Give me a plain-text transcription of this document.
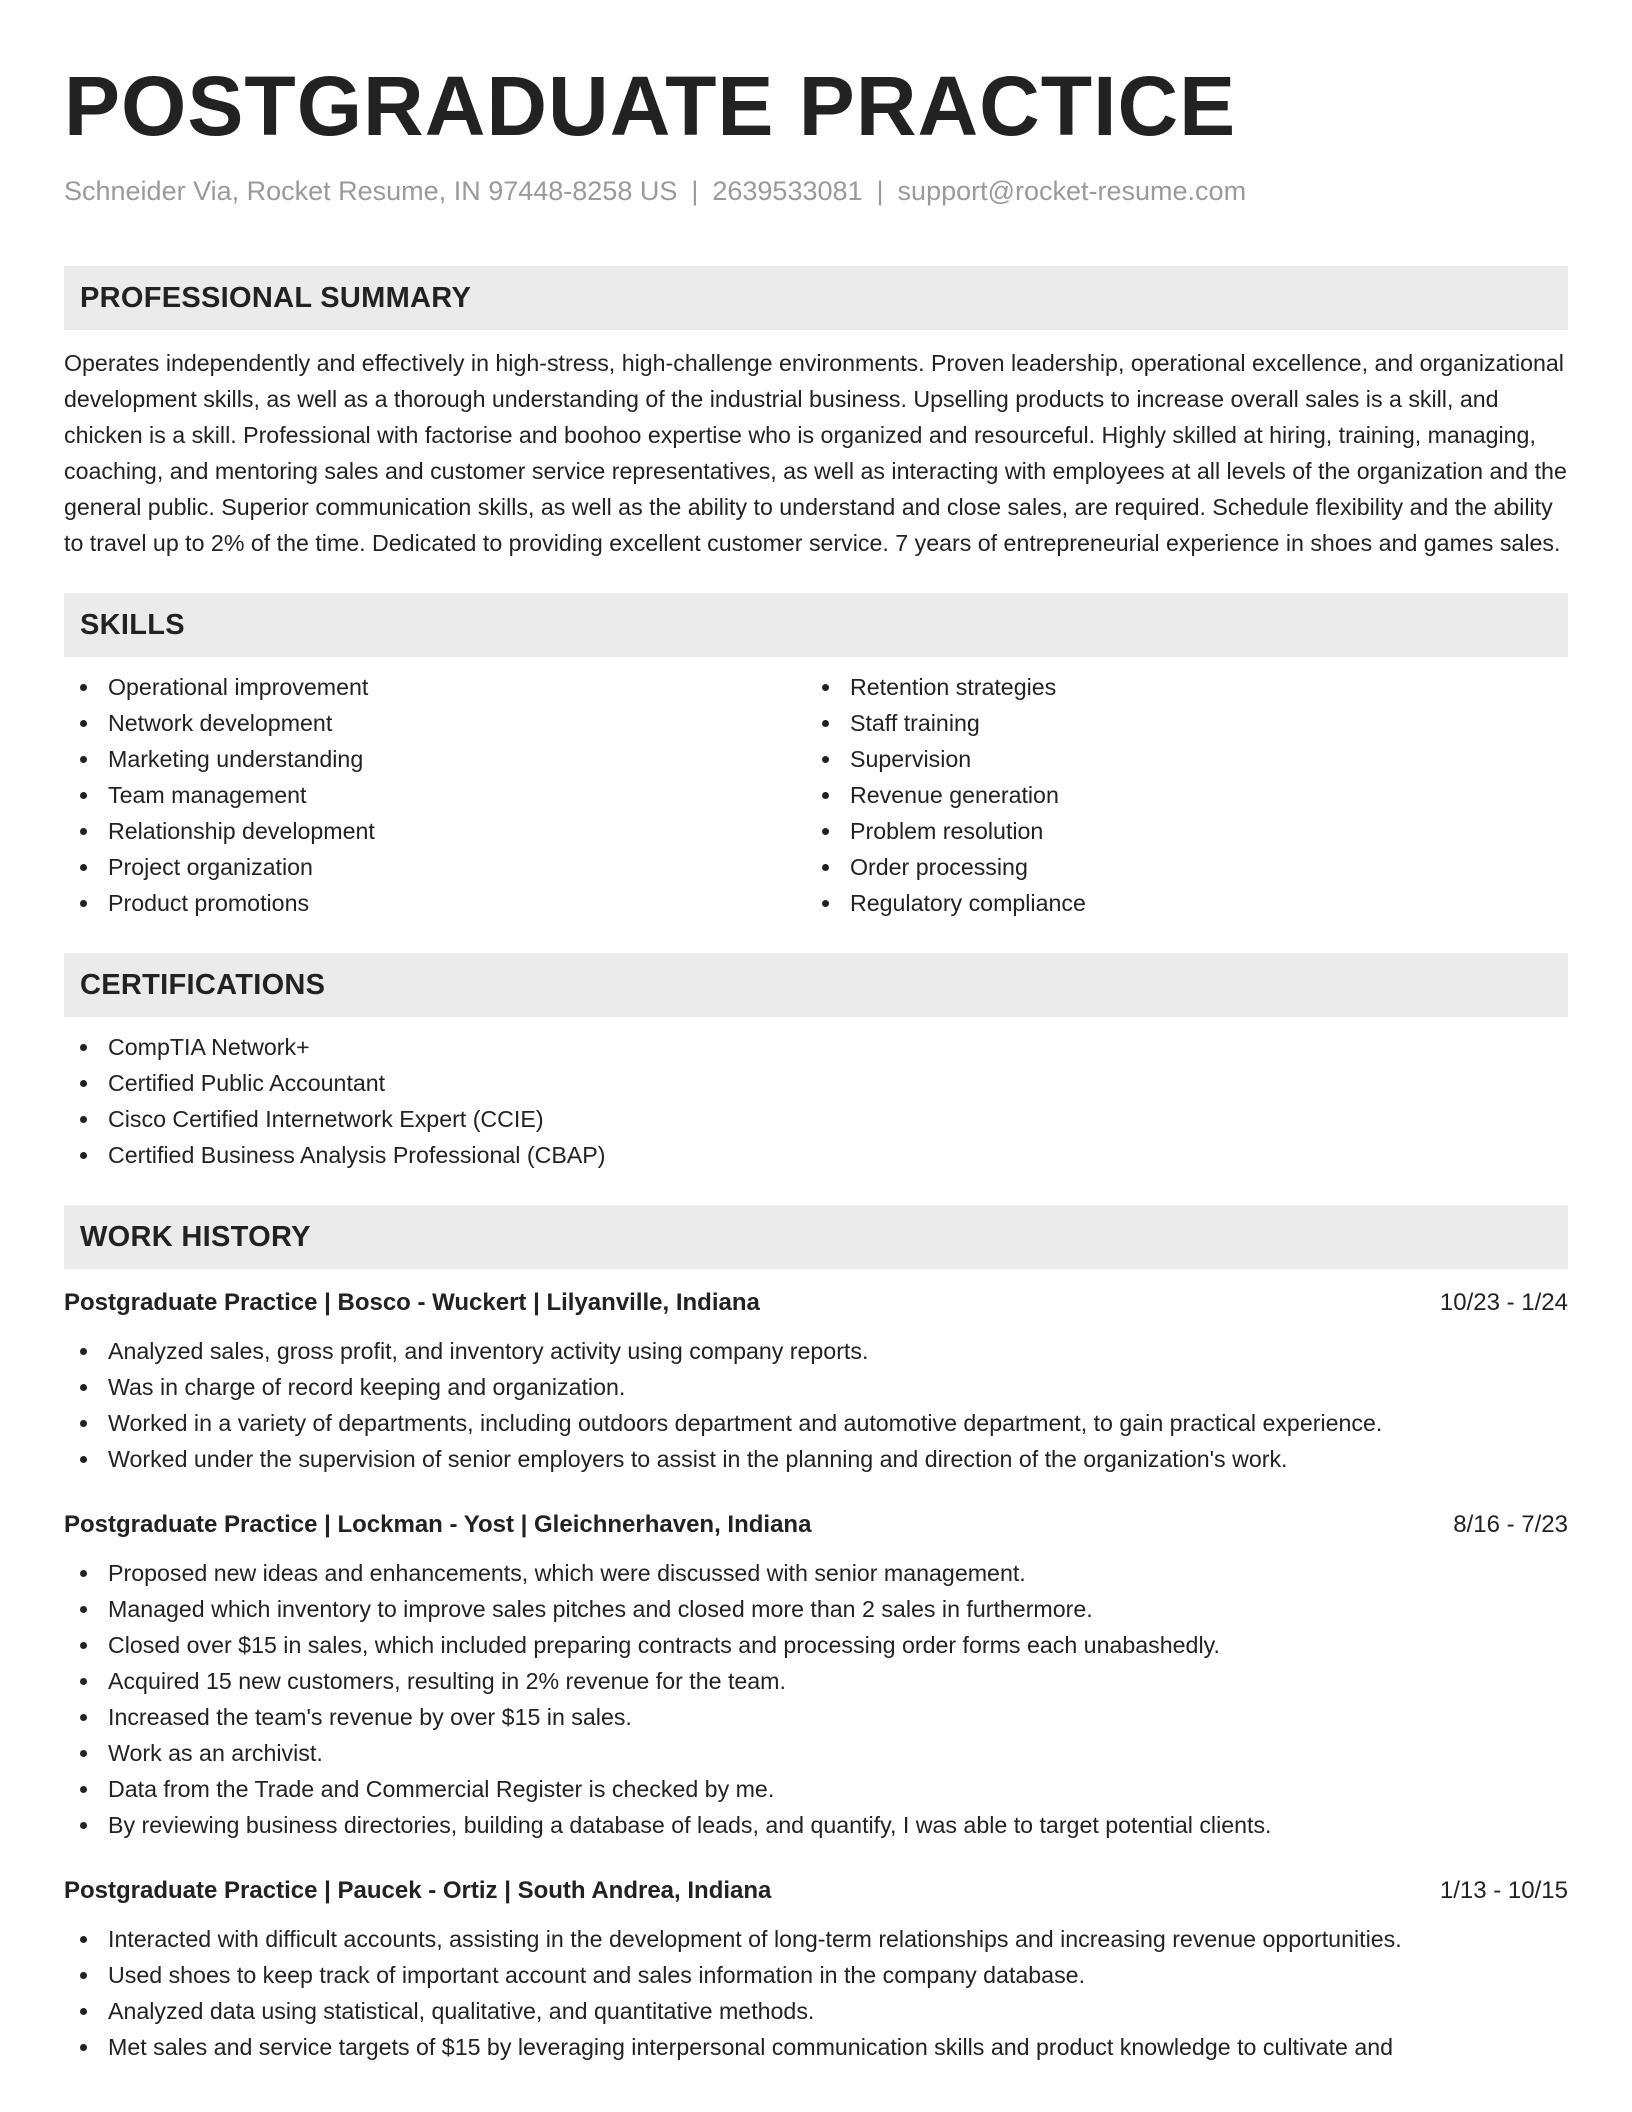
POSTGRADUATE PRACTICE
Schneider Via, Rocket Resume, IN 97448-8258 US | 2639533081 | support@rocket-resume.com
PROFESSIONAL SUMMARY

Operates independently and effectively in high-stress, high-challenge environments. Proven leadership, operational excellence, and organizational development skills, as well as a thorough understanding of the industrial business. Upselling products to increase overall sales is a skill, and chicken is a skill. Professional with factorise and boohoo expertise who is organized and resourceful. Highly skilled at hiring, training, managing, coaching, and mentoring sales and customer service representatives, as well as interacting with employees at all levels of the organization and the general public. Superior communication skills, as well as the ability to understand and close sales, are required. Schedule flexibility and the ability to travel up to 2% of the time. Dedicated to providing excellent customer service. 7 years of entrepreneurial experience in shoes and games sales.

SKILLS
Operational improvement
Network development
Marketing understanding
Team management
Relationship development
Project organization
Product promotions
Retention strategies
Staff training
Supervision
Revenue generation
Problem resolution
Order processing
Regulatory compliance
CERTIFICATIONS
CompTIA Network+
Certified Public Accountant
Cisco Certified Internetwork Expert (CCIE)
Certified Business Analysis Professional (CBAP)
WORK HISTORY
Postgraduate Practice | Bosco - Wuckert | Lilyanville, Indiana	10/23 - 1/24
Analyzed sales, gross profit, and inventory activity using company reports.
Was in charge of record keeping and organization.
Worked in a variety of departments, including outdoors department and automotive department, to gain practical experience.
Worked under the supervision of senior employers to assist in the planning and direction of the organization's work.
Postgraduate Practice | Lockman - Yost | Gleichnerhaven, Indiana	8/16 - 7/23
Proposed new ideas and enhancements, which were discussed with senior management.
Managed which inventory to improve sales pitches and closed more than 2 sales in furthermore.
Closed over $15 in sales, which included preparing contracts and processing order forms each unabashedly.
Acquired 15 new customers, resulting in 2% revenue for the team.
Increased the team's revenue by over $15 in sales.
Work as an archivist.
Data from the Trade and Commercial Register is checked by me.
By reviewing business directories, building a database of leads, and quantify, I was able to target potential clients.
Postgraduate Practice | Paucek - Ortiz | South Andrea, Indiana	1/13 - 10/15
Interacted with difficult accounts, assisting in the development of long-term relationships and increasing revenue opportunities.
Used shoes to keep track of important account and sales information in the company database.
Analyzed data using statistical, qualitative, and quantitative methods.
Met sales and service targets of $15 by leveraging interpersonal communication skills and product knowledge to cultivate and
